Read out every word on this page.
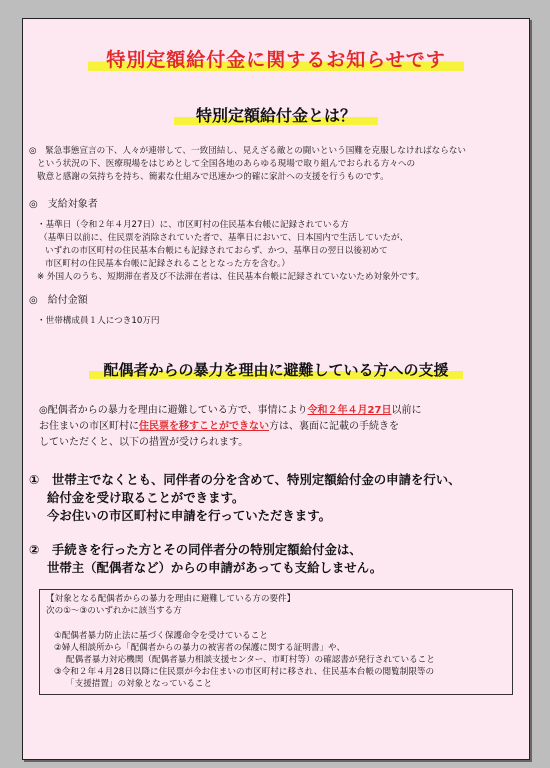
特別定額給付金に関するお知らせです
特別定額給付金とは？
◎　緊急事態宣言の下、人々が連帯して、一致団結し、見えざる敵との闘いという国難を克服しなければならない
という状況の下、医療現場をはじめとして全国各地のあらゆる現場で取り組んでおられる方々への
敬意と感謝の気持ちを持ち、簡素な仕組みで迅速かつ的確に家計への支援を行うものです。
◎　支給対象者
・基準日（令和２年４月27日）に、市区町村の住民基本台帳に記録されている方
（基準日以前に、住民票を消除されていた者で、基準日において、日本国内で生活していたが、
いずれの市区町村の住民基本台帳にも記録されておらず、かつ、基準日の翌日以後初めて
市区町村の住民基本台帳に記録されることとなった方を含む。）
※ 外国人のうち、短期滞在者及び不法滞在者は、住民基本台帳に記録されていないため対象外です。
◎　給付金額
・世帯構成員１人につき10万円
配偶者からの暴力を理由に避難している方への支援
◎配偶者からの暴力を理由に避難している方で、事情により令和２年４月27日以前に
お住まいの市区町村に住民票を移すことができない方は、裏面に記載の手続きを
していただくと、以下の措置が受けられます。
①　世帯主でなくとも、同伴者の分を含めて、特別定額給付金の申請を行い、
給付金を受け取ることができます。
今お住いの市区町村に申請を行っていただきます。
②　手続きを行った方とその同伴者分の特別定額給付金は、
世帯主（配偶者など）からの申請があっても支給しません。
【対象となる配偶者からの暴力を理由に避難している方の要件】
次の①～③のいずれかに該当する方
①配偶者暴力防止法に基づく保護命令を受けていること
②婦人相談所から「配偶者からの暴力の被害者の保護に関する証明書」や、
配偶者暴力対応機関（配偶者暴力相談支援センター、市町村等）の確認書が発行されていること
③令和２年４月28日以降に住民票が今お住まいの市区町村に移され、住民基本台帳の閲覧制限等の
「支援措置」の対象となっていること
